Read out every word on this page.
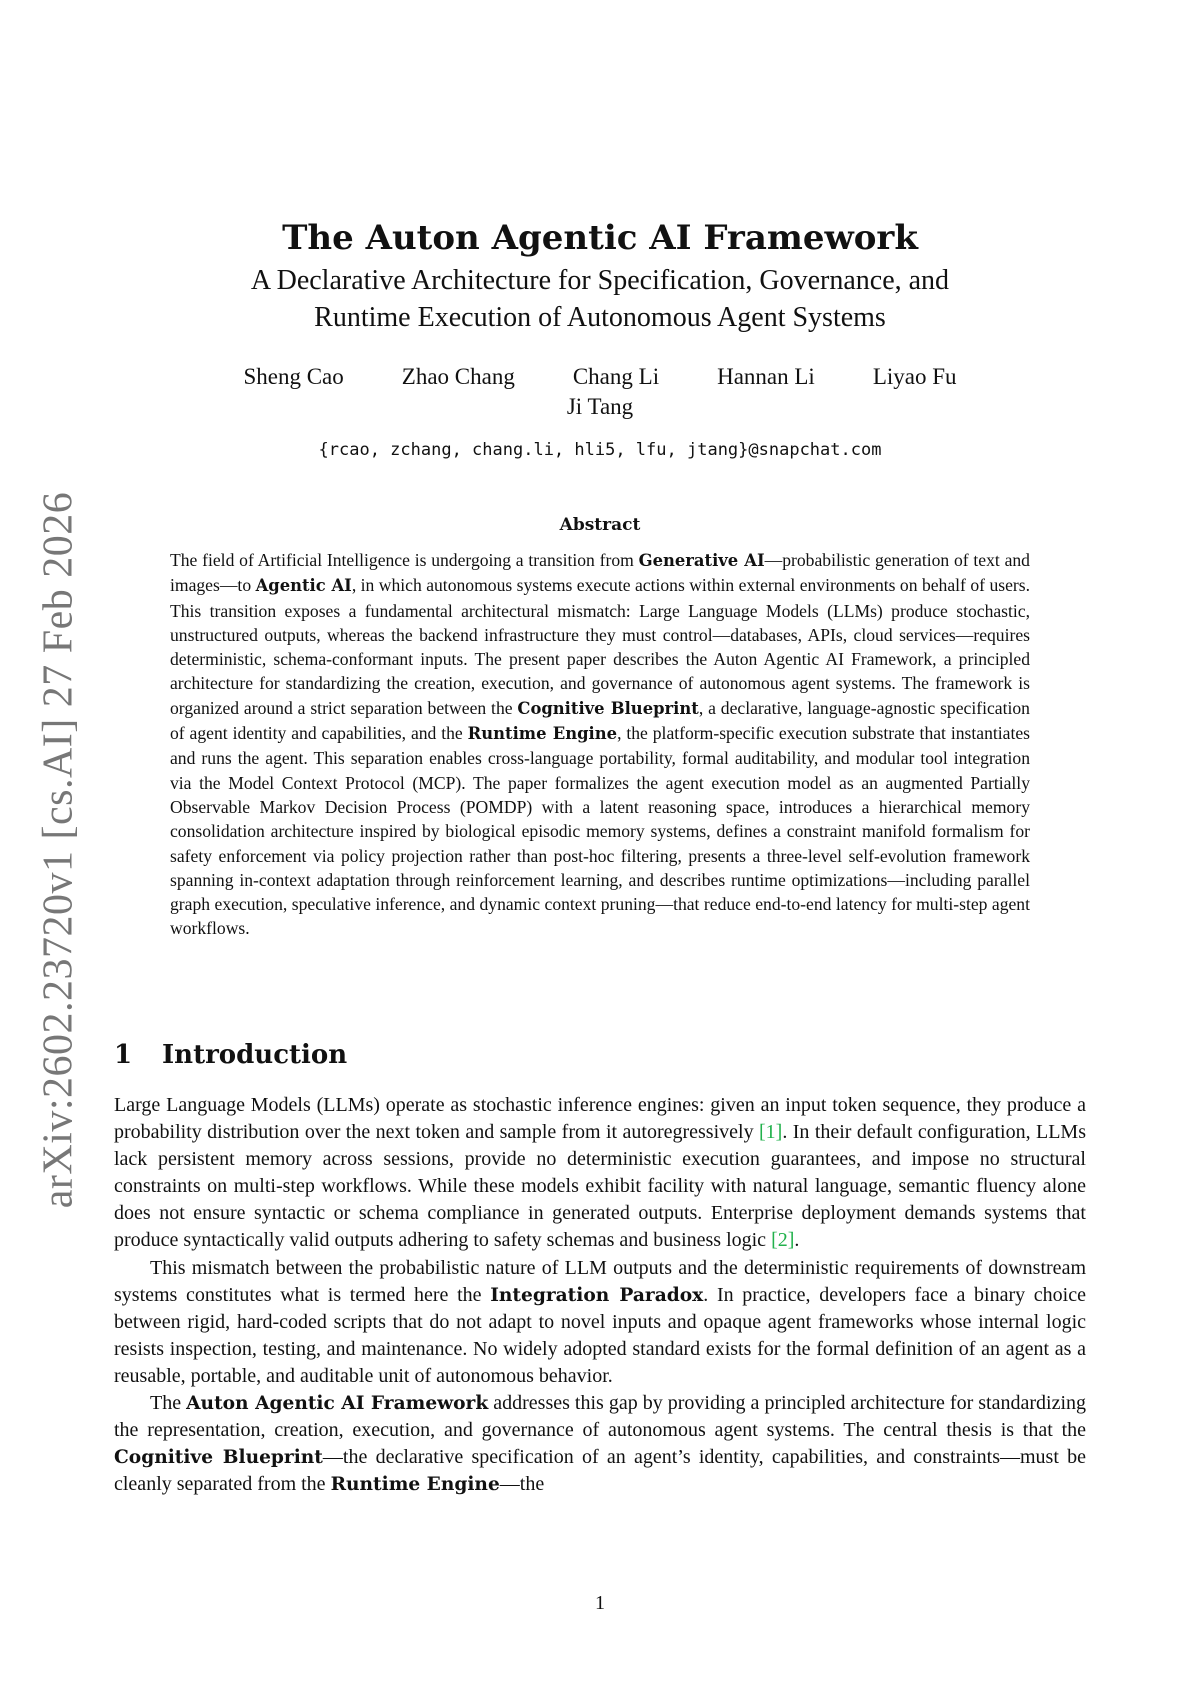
arXiv:2602.23720v1 [cs.AI] 27 Feb 2026
The Auton Agentic AI Framework
A Declarative Architecture for Specification, Governance, and Runtime Execution of Autonomous Agent Systems
Sheng Cao	Zhao Chang	Chang Li	Hannan Li	Liyao Fu
Ji Tang
{rcao, zchang, chang.li, hli5, lfu, jtang}@snapchat.com
Abstract
The field of Artificial Intelligence is undergoing a transition from Generative AI—probabilistic generation of text and images—to Agentic AI, in which autonomous systems execute actions within external environments on behalf of users. This transition exposes a fundamental architectural mismatch: Large Language Models (LLMs) produce stochastic, unstructured outputs, whereas the backend infrastructure they must control—databases, APIs, cloud services—requires deterministic, schema-conformant inputs. The present paper describes the Auton Agentic AI Framework, a principled architecture for standardizing the creation, execution, and governance of autonomous agent systems. The framework is organized around a strict separation between the Cognitive Blueprint, a declarative, language-agnostic specification of agent identity and capabilities, and the Runtime Engine, the platform-specific execution substrate that instantiates and runs the agent. This separation enables cross-language portability, formal auditability, and modular tool integration via the Model Context Protocol (MCP). The paper formalizes the agent execution model as an augmented Partially Observable Markov Decision Process (POMDP) with a latent reasoning space, introduces a hierarchical memory consolidation architecture inspired by biological episodic memory systems, defines a constraint manifold formalism for safety enforcement via policy projection rather than post-hoc filtering, presents a three-level self-evolution framework spanning in-context adaptation through reinforcement learning, and describes runtime optimizations—including parallel graph execution, speculative inference, and dynamic context pruning—that reduce end-to-end latency for multi-step agent workflows.
1 Introduction

Large Language Models (LLMs) operate as stochastic inference engines: given an input token sequence, they produce a probability distribution over the next token and sample from it autoregressively [1]. In their default configuration, LLMs lack persistent memory across sessions, provide no deterministic execution guarantees, and impose no structural constraints on multi-step workflows. While these models exhibit facility with natural language, semantic fluency alone does not ensure syntactic or schema compliance in generated outputs. Enterprise deployment demands systems that produce syntactically valid outputs adhering to safety schemas and business logic [2].

This mismatch between the probabilistic nature of LLM outputs and the deterministic requirements of downstream systems constitutes what is termed here the Integration Paradox. In practice, developers face a binary choice between rigid, hard-coded scripts that do not adapt to novel inputs and opaque agent frameworks whose internal logic resists inspection, testing, and maintenance. No widely adopted standard exists for the formal definition of an agent as a reusable, portable, and auditable unit of autonomous behavior.

The Auton Agentic AI Framework addresses this gap by providing a principled architecture for standardizing the representation, creation, execution, and governance of autonomous agent systems. The central thesis is that the Cognitive Blueprint—the declarative specification of an agent’s identity, capabilities, and constraints—must be cleanly separated from the Runtime Engine—the

1
